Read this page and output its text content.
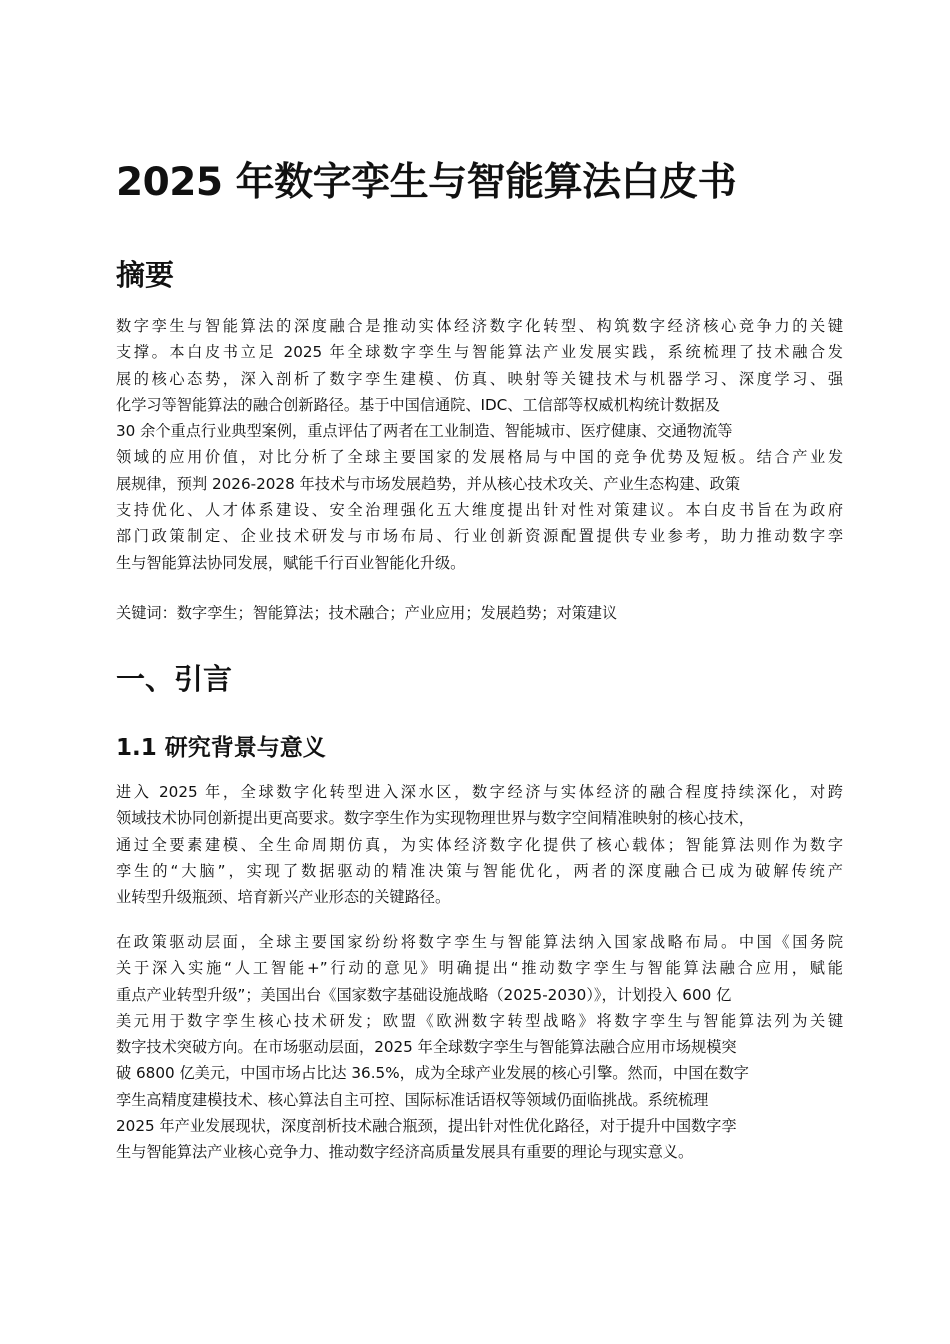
2025 年数字孪生与智能算法白皮书
摘要
数字孪生与智能算法的深度融合是推动实体经济数字化转型、构筑数字经济核心竞争力的关键
支撑。本白皮书立足 2025 年全球数字孪生与智能算法产业发展实践，系统梳理了技术融合发
展的核心态势，深入剖析了数字孪生建模、仿真、映射等关键技术与机器学习、深度学习、强
化学习等智能算法的融合创新路径。基于中国信通院、IDC、工信部等权威机构统计数据及
30 余个重点行业典型案例，重点评估了两者在工业制造、智能城市、医疗健康、交通物流等
领域的应用价值，对比分析了全球主要国家的发展格局与中国的竞争优势及短板。结合产业发
展规律，预判 2026-2028 年技术与市场发展趋势，并从核心技术攻关、产业生态构建、政策
支持优化、人才体系建设、安全治理强化五大维度提出针对性对策建议。本白皮书旨在为政府
部门政策制定、企业技术研发与市场布局、行业创新资源配置提供专业参考，助力推动数字孪
生与智能算法协同发展，赋能千行百业智能化升级。

关键词：数字孪生；智能算法；技术融合；产业应用；发展趋势；对策建议

一、引言
1.1 研究背景与意义
进入 2025 年，全球数字化转型进入深水区，数字经济与实体经济的融合程度持续深化，对跨
领域技术协同创新提出更高要求。数字孪生作为实现物理世界与数字空间精准映射的核心技术，
通过全要素建模、全生命周期仿真，为实体经济数字化提供了核心载体；智能算法则作为数字
孪生的“大脑”，实现了数据驱动的精准决策与智能优化，两者的深度融合已成为破解传统产
业转型升级瓶颈、培育新兴产业形态的关键路径。
在政策驱动层面，全球主要国家纷纷将数字孪生与智能算法纳入国家战略布局。中国《国务院
关于深入实施“人工智能+”行动的意见》明确提出“推动数字孪生与智能算法融合应用，赋能
重点产业转型升级”；美国出台《国家数字基础设施战略（2025-2030）》，计划投入 600 亿
美元用于数字孪生核心技术研发；欧盟《欧洲数字转型战略》将数字孪生与智能算法列为关键
数字技术突破方向。在市场驱动层面，2025 年全球数字孪生与智能算法融合应用市场规模突
破 6800 亿美元，中国市场占比达 36.5%，成为全球产业发展的核心引擎。然而，中国在数字
孪生高精度建模技术、核心算法自主可控、国际标准话语权等领域仍面临挑战。系统梳理
2025 年产业发展现状，深度剖析技术融合瓶颈，提出针对性优化路径，对于提升中国数字孪
生与智能算法产业核心竞争力、推动数字经济高质量发展具有重要的理论与现实意义。
